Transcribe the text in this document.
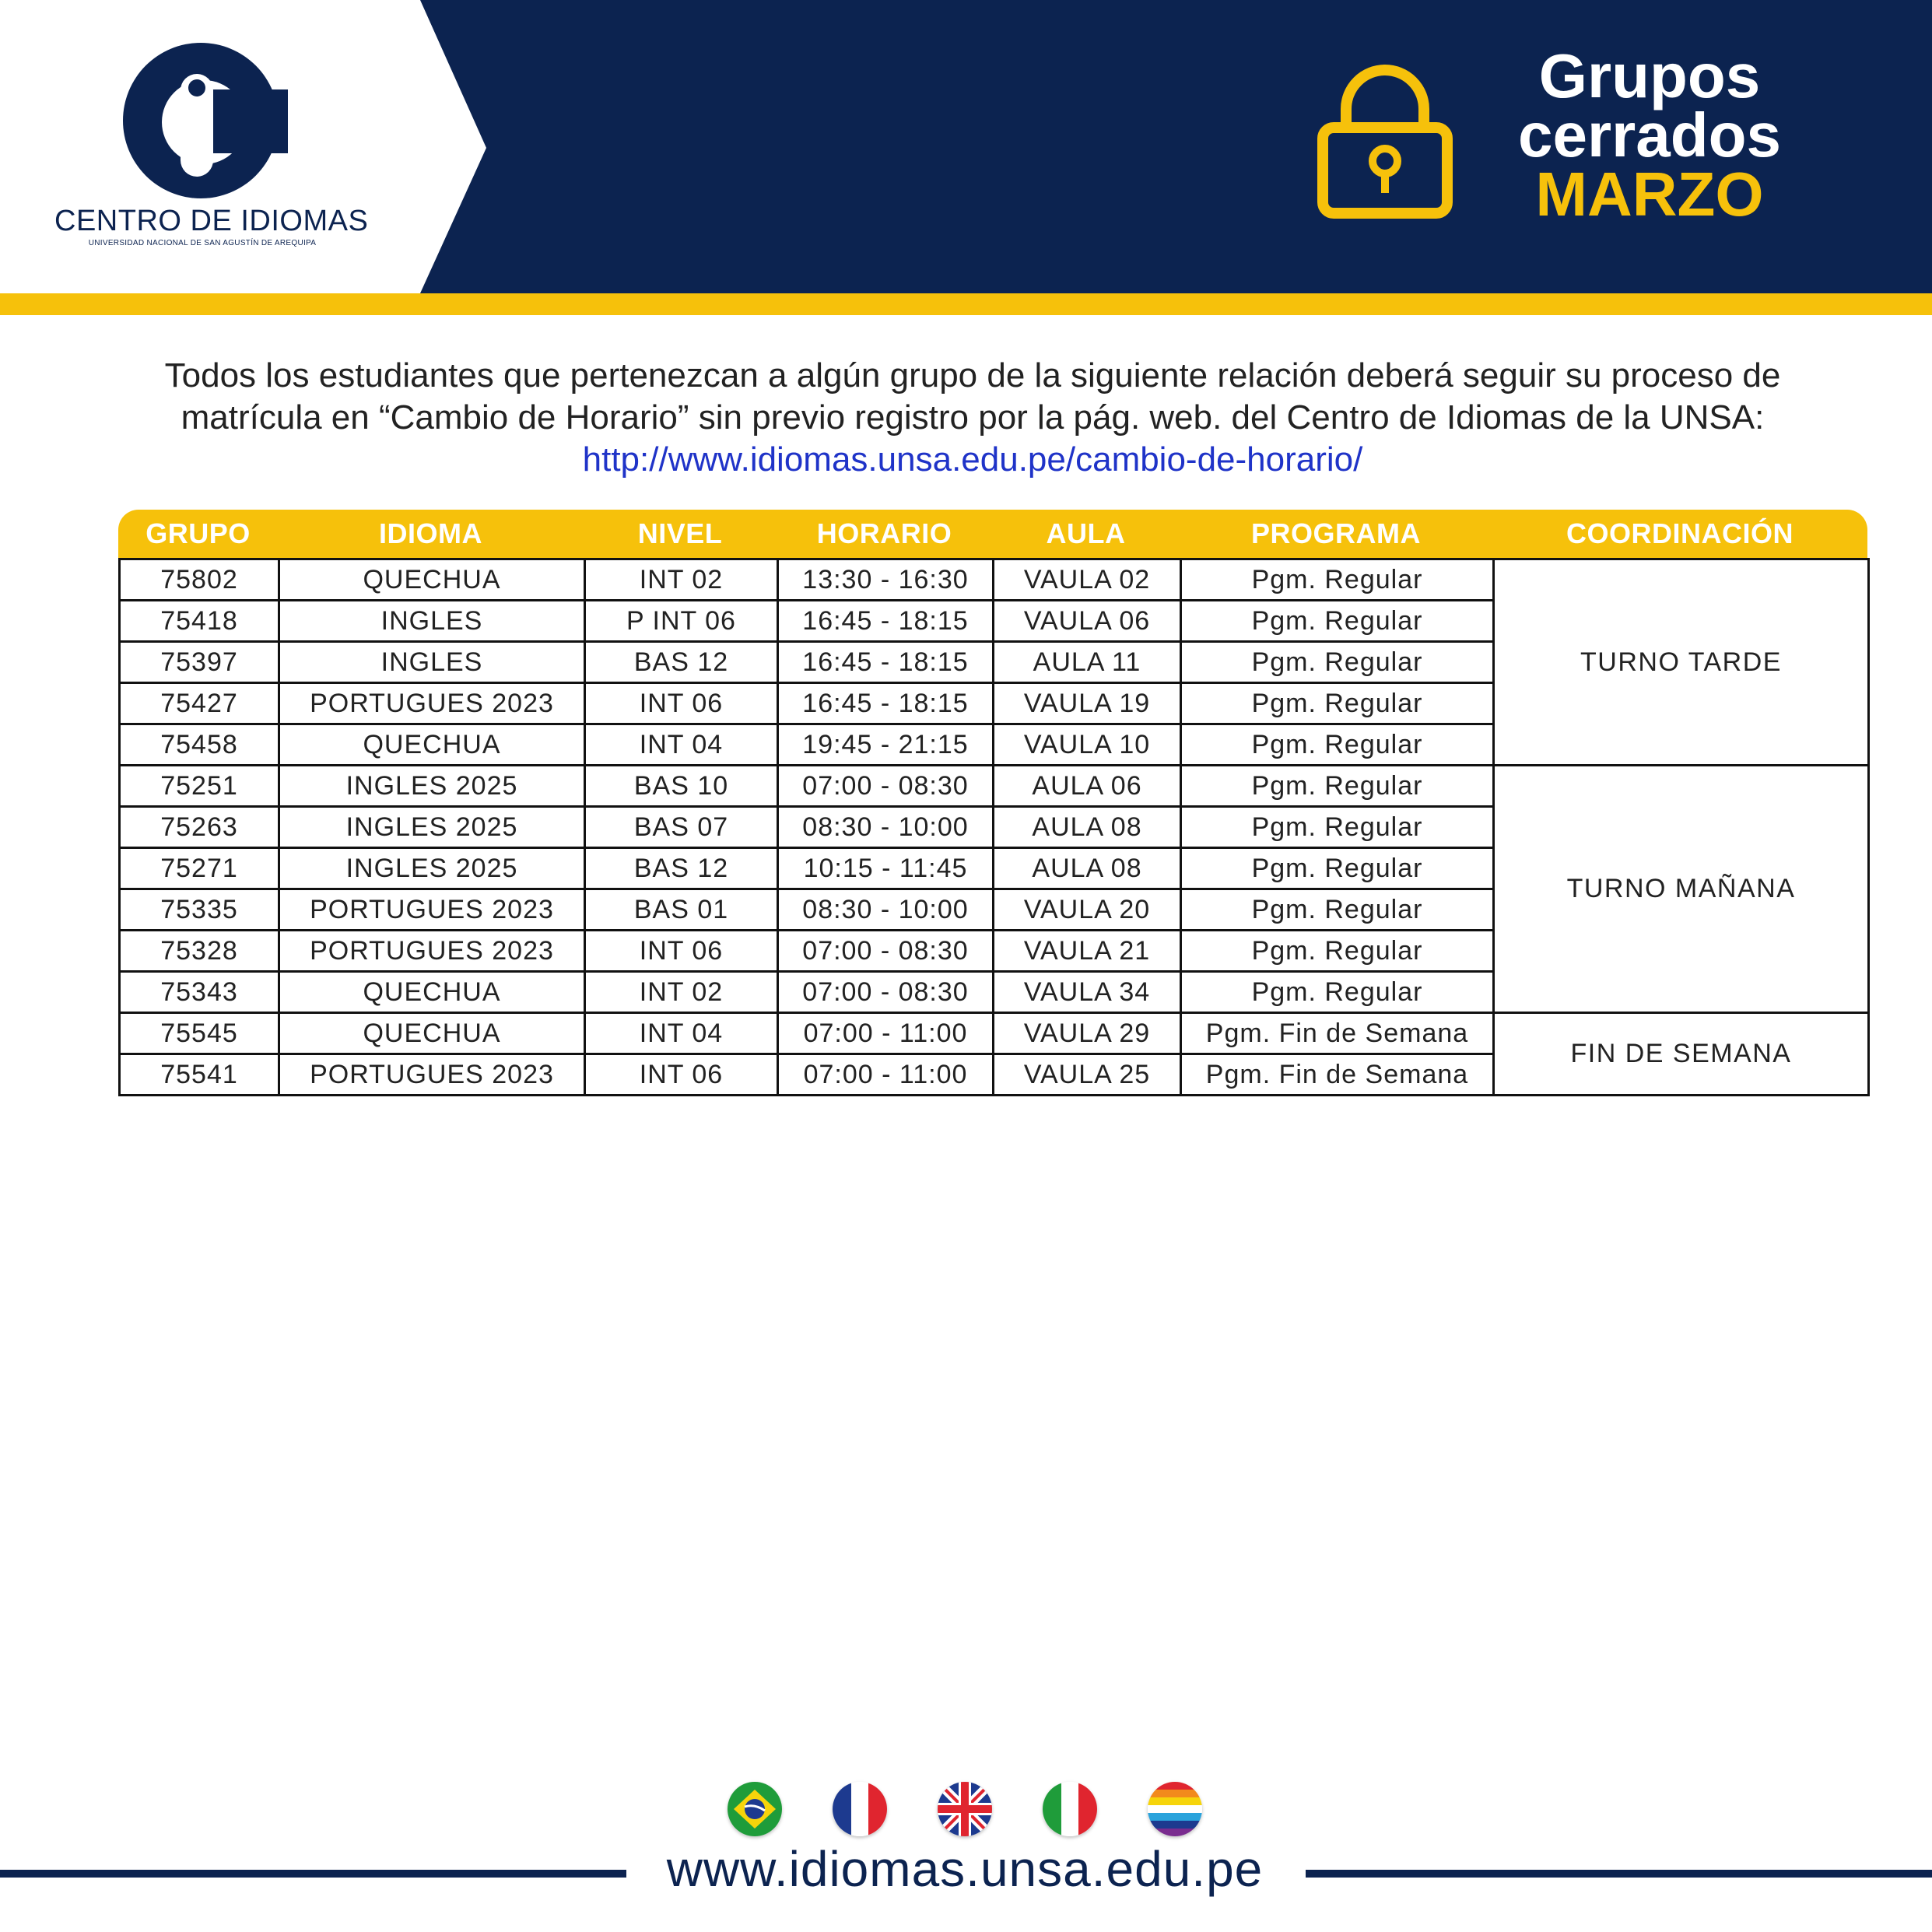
CENTRO DE IDIOMAS
UNIVERSIDAD NACIONAL DE SAN AGUSTÍN DE AREQUIPA
Grupos
cerrados
MARZO
Todos los estudiantes que pertenezcan a algún grupo de la siguiente relación deberá seguir su proceso de matrícula en “Cambio de Horario” sin previo registro por la pág. web. del Centro de Idiomas de la UNSA: http://www.idiomas.unsa.edu.pe/cambio-de-horario/
GRUPO	IDIOMA	NIVEL	HORARIO	AULA	PROGRAMA	COORDINACIÓN
75802	QUECHUA	INT 02	13:30 - 16:30	VAULA 02	Pgm. Regular	TURNO TARDE
75418	INGLES	P INT 06	16:45 - 18:15	VAULA 06	Pgm. Regular	
75397	INGLES	BAS 12	16:45 - 18:15	AULA 11	Pgm. Regular	
75427	PORTUGUES 2023	INT 06	16:45 - 18:15	VAULA 19	Pgm. Regular	
75458	QUECHUA	INT 04	19:45 - 21:15	VAULA 10	Pgm. Regular	
75251	INGLES 2025	BAS 10	07:00 - 08:30	AULA 06	Pgm. Regular	TURNO MAÑANA
75263	INGLES 2025	BAS 07	08:30 - 10:00	AULA 08	Pgm. Regular	
75271	INGLES 2025	BAS 12	10:15 - 11:45	AULA 08	Pgm. Regular	
75335	PORTUGUES 2023	BAS 01	08:30 - 10:00	VAULA 20	Pgm. Regular	
75328	PORTUGUES 2023	INT 06	07:00 - 08:30	VAULA 21	Pgm. Regular	
75343	QUECHUA	INT 02	07:00 - 08:30	VAULA 34	Pgm. Regular	
75545	QUECHUA	INT 04	07:00 - 11:00	VAULA 29	Pgm. Fin de Semana	FIN DE SEMANA
75541	PORTUGUES 2023	INT 06	07:00 - 11:00	VAULA 25	Pgm. Fin de Semana	
www.idiomas.unsa.edu.pe
